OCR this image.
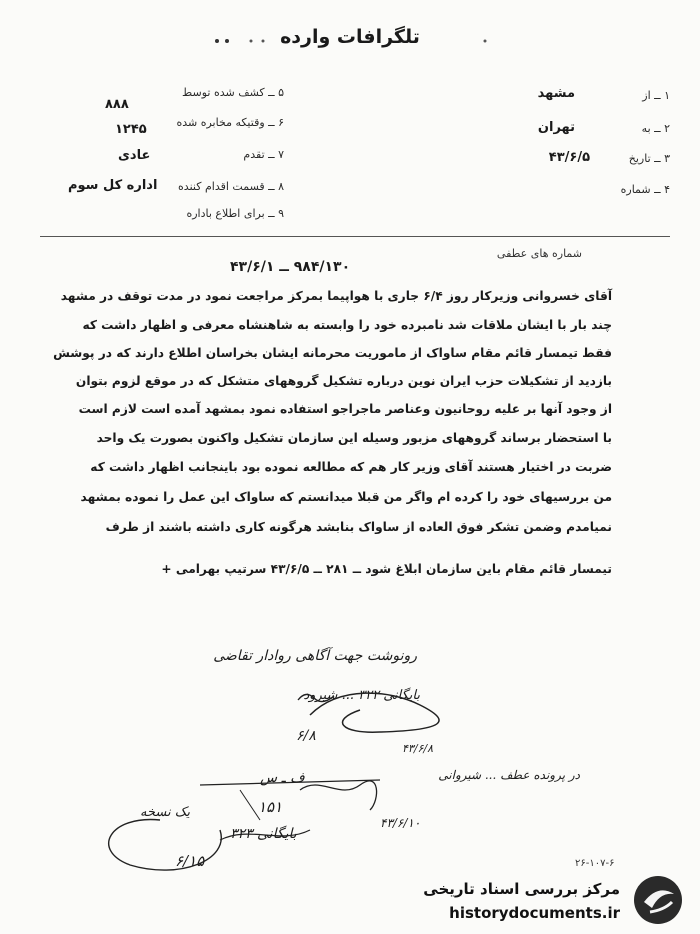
تلگرافات وارده
۱ ــ از
مشهد
۲ ــ به
تهران
۳ ــ تاریخ
۴۳/۶/۵
۴ ــ شماره
۵ ــ کشف شده توسط
۸۸۸
۶ ــ وقتیکه مخابره شده
۱۲۴۵
۷ ــ تقدم
عادی
۸ ــ قسمت اقدام کننده
اداره کل سوم
۹ ــ برای اطلاع باداره
شماره های عطفی
۹۸۴/۱۳۰ ــ ۴۳/۶/۱
آقای خسروانی وزیرکار روز ۶/۴ جاری با هواپیما بمرکز مراجعت نمود در مدت توقف در مشهد
چند بار با ایشان ملاقات شد نامبرده خود را وابسته به شاهنشاه معرفی و اظهار داشت که
فقط تیمسار قائم مقام ساواک از ماموریت محرمانه ایشان بخراسان اطلاع دارند که در پوشش
بازدید از تشکیلات حزب ایران نوین درباره تشکیل گروههای متشکل که در موقع لزوم بتوان
از وجود آنها بر علیه روحانیون وعناصر ماجراجو استفاده نمود بمشهد آمده است لازم است
با استحضار برساند گروههای مزبور وسیله این سازمان تشکیل واکنون بصورت یک واحد
ضربت در اختیار هستند آقای وزیر کار هم که مطالعه نموده بود باینجانب اظهار داشت که
من بررسیهای خود را کرده ام واگر من قبلا میدانستم که ساواک این عمل را نموده بمشهد
نمیامدم وضمن تشکر فوق العاده از ساواک بنابشد هرگونه کاری داشته باشند از طرف
تیمسار قائم مقام باین سازمان ابلاغ شود ــ ۲۸۱ ــ ۴۳/۶/۵ سرتیپ بهرامی +
رونوشت جهت آگاهی روادار تقاضی
بایگانی ۳۲۲ ... شیرود
۶/۸
۴۳/۶/۸
در پرونده عطف ... شیروانی
ف ـ س
۱۵۱
۴۳/۶/۱۰
بایگانی ۳۲۳
۶/۱۵
یک نسخه
۲۶-۱۰۷-۶
مرکز بررسی اسناد تاریخی
historydocuments.ir
